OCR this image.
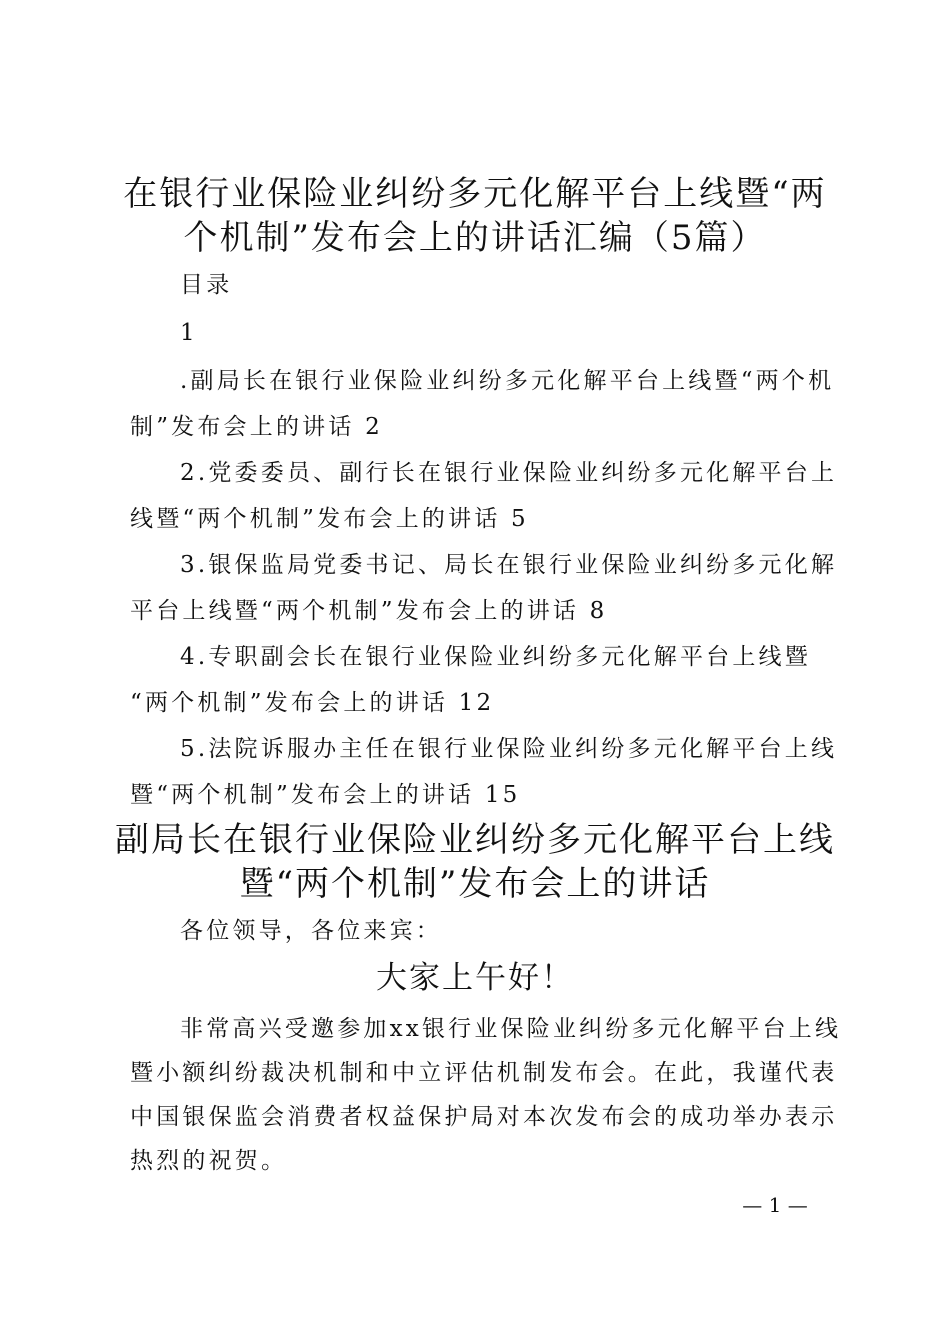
在银行业保险业纠纷多元化解平台上线暨“两
个机制”发布会上的讲话汇编（5篇）

目录

1

.副局长在银行业保险业纠纷多元化解平台上线暨“两个机

制”发布会上的讲话 2

2.党委委员、副行长在银行业保险业纠纷多元化解平台上

线暨“两个机制”发布会上的讲话 5

3.银保监局党委书记、局长在银行业保险业纠纷多元化解

平台上线暨“两个机制”发布会上的讲话 8

4.专职副会长在银行业保险业纠纷多元化解平台上线暨

“两个机制”发布会上的讲话 12

5.法院诉服办主任在银行业保险业纠纷多元化解平台上线

暨“两个机制”发布会上的讲话 15

副局长在银行业保险业纠纷多元化解平台上线
暨“两个机制”发布会上的讲话

各位领导，各位来宾：

大家上午好！

非常高兴受邀参加xx银行业保险业纠纷多元化解平台上线

暨小额纠纷裁决机制和中立评估机制发布会。在此，我谨代表

中国银保监会消费者权益保护局对本次发布会的成功举办表示

热烈的祝贺。

— 1 —
